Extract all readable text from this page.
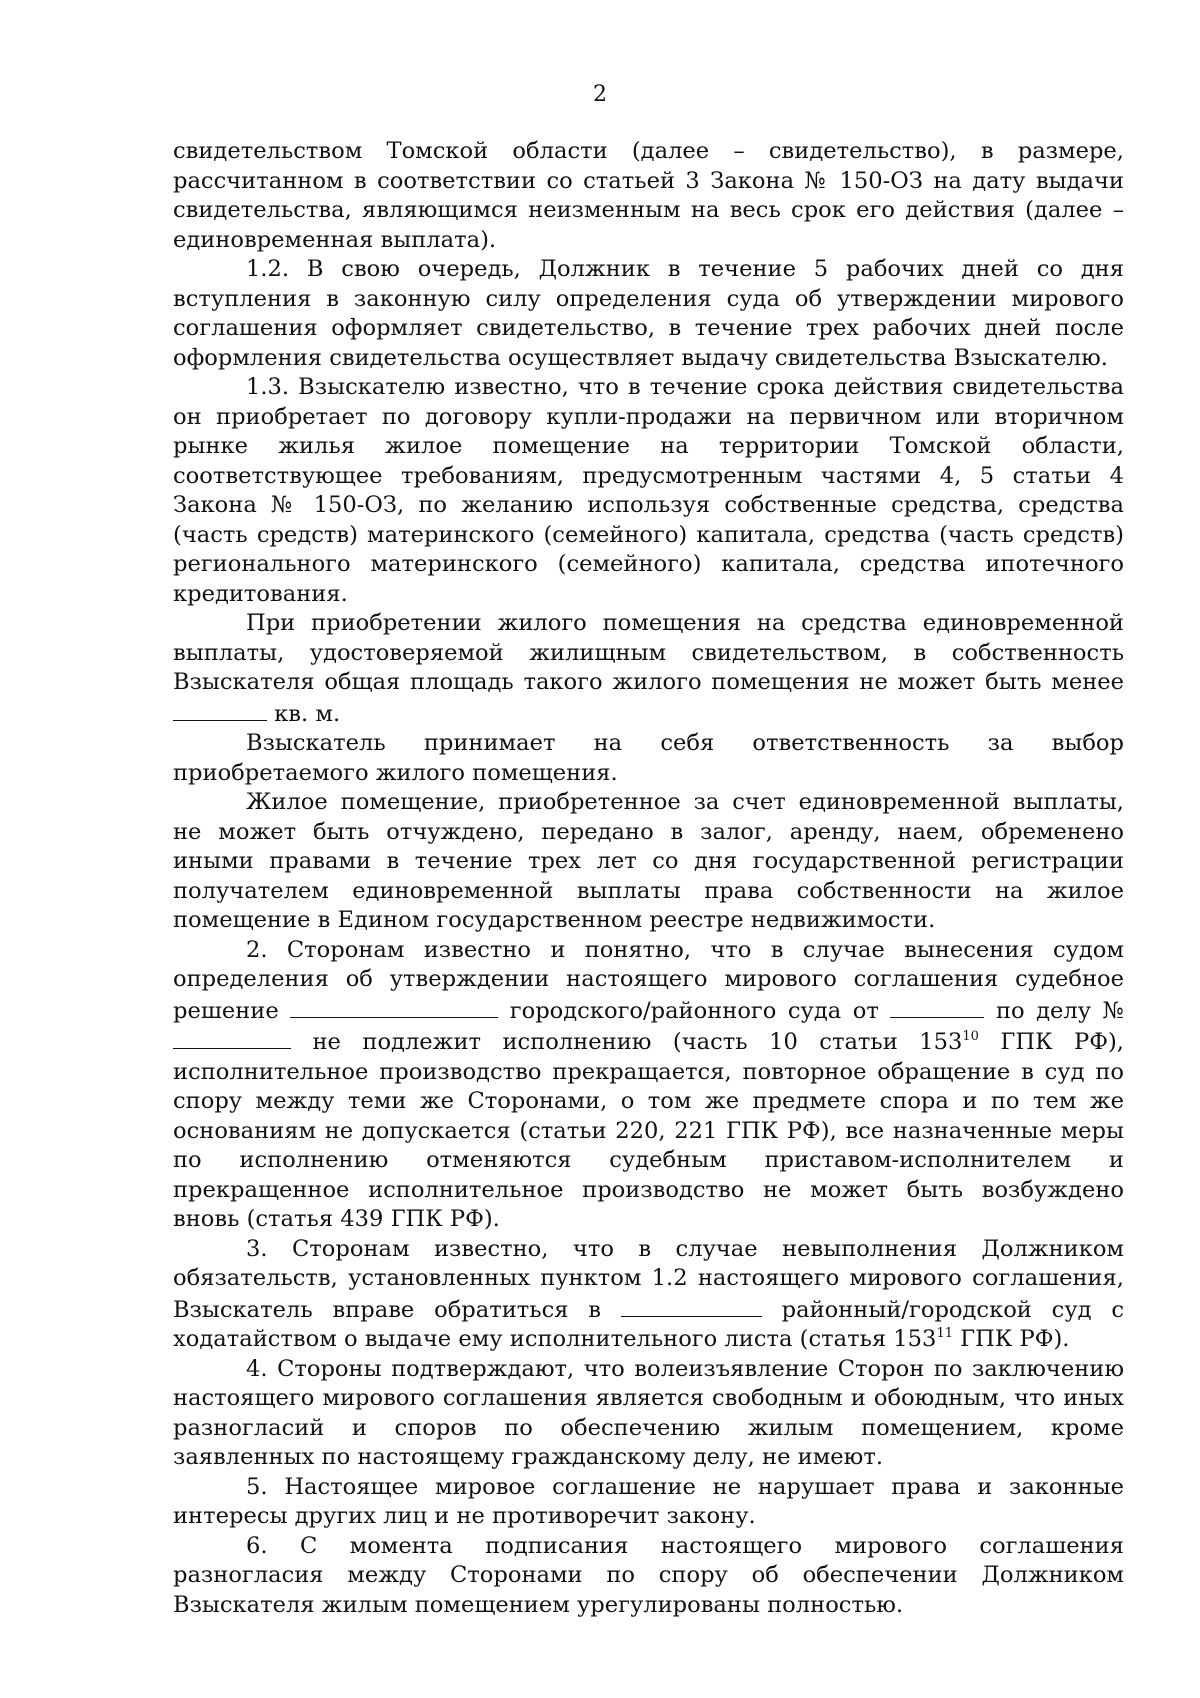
2

свидетельством Томской области (далее – свидетельство), в размере, рассчитанном в соответствии со статьей 3 Закона № 150-ОЗ на дату выдачи свидетельства, являющимся неизменным на весь срок его действия (далее – единовременная выплата).

1.2. В свою очередь, Должник в течение 5 рабочих дней со дня вступления в законную силу определения суда об утверждении мирового соглашения оформляет свидетельство, в течение трех рабочих дней после оформления свидетельства осуществляет выдачу свидетельства Взыскателю.

1.3. Взыскателю известно, что в течение срока действия свидетельства он приобретает по договору купли-продажи на первичном или вторичном рынке жилья жилое помещение на территории Томской области, соответствующее требованиям, предусмотренным частями 4, 5 статьи 4 Закона № 150-ОЗ, по желанию используя собственные средства, средства (часть средств) материнского (семейного) капитала, средства (часть средств) регионального материнского (семейного) капитала, средства ипотечного кредитования.

При приобретении жилого помещения на средства единовременной выплаты, удостоверяемой жилищным свидетельством, в собственность Взыскателя общая площадь такого жилого помещения не может быть менее  кв. м.

Взыскатель принимает на себя ответственность за выбор приобретаемого жилого помещения.

Жилое помещение, приобретенное за счет единовременной выплаты, не может быть отчуждено, передано в залог, аренду, наем, обременено иными правами в течение трех лет со дня государственной регистрации получателем единовременной выплаты права собственности на жилое помещение в Едином государственном реестре недвижимости.

2. Сторонам известно и понятно, что в случае вынесения судом определения об утверждении настоящего мирового соглашения судебное решение	городского/районного суда от	по делу №  не подлежит исполнению (часть 10 статьи $153^{10}$ ГПК РФ), исполнительное производство прекращается, повторное обращение в суд по спору между теми же Сторонами, о том же предмете спора и по тем же основаниям не допускается (статьи 220, 221 ГПК РФ), все назначенные меры по исполнению отменяются судебным приставом-исполнителем и прекращенное исполнительное производство не может быть возбуждено вновь (статья 439 ГПК РФ).

3. Сторонам известно, что в случае невыполнения Должником обязательств, установленных пунктом 1.2 настоящего мирового соглашения, Взыскатель вправе обратиться в	районный/городской суд с ходатайством о выдаче ему исполнительного листа (статья $153^{11}$ ГПК РФ).

4. Стороны подтверждают, что волеизъявление Сторон по заключению настоящего мирового соглашения является свободным и обоюдным, что иных разногласий и споров по обеспечению жилым помещением, кроме заявленных по настоящему гражданскому делу, не имеют.

5. Настоящее мировое соглашение не нарушает права и законные интересы других лиц и не противоречит закону.

6. С момента подписания настоящего мирового соглашения разногласия между Сторонами по спору об обеспечении Должником Взыскателя жилым помещением урегулированы полностью.
